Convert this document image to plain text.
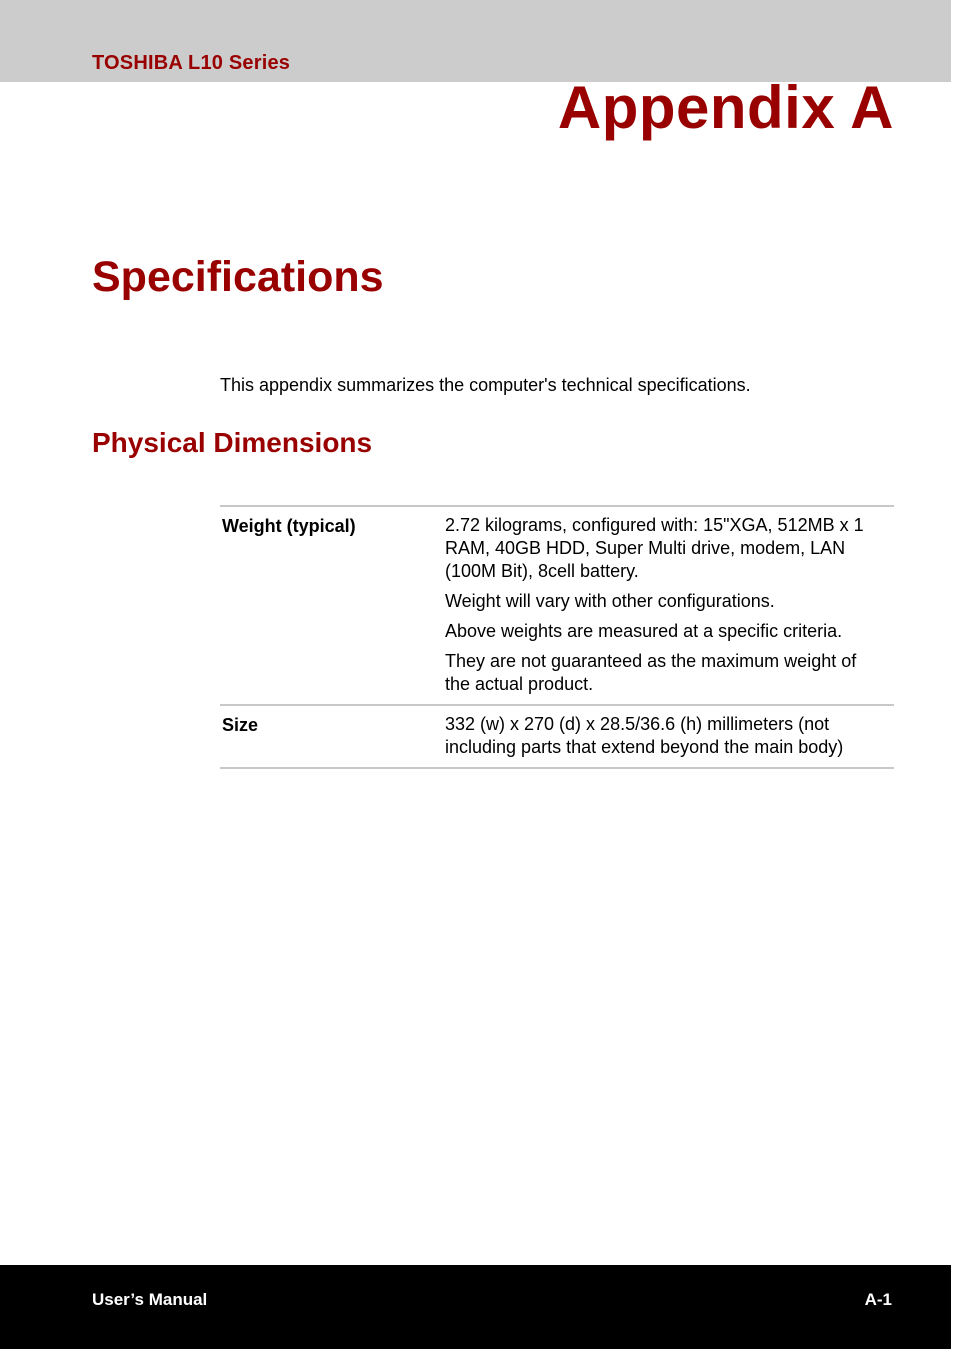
TOSHIBA L10 Series
Appendix A
Specifications
This appendix summarizes the computer's technical specifications.
Physical Dimensions
Weight (typical)	2.72 kilograms, configured with: 15"XGA, 512MB x 1 RAM, 40GB HDD, Super Multi drive, modem, LAN (100M Bit), 8cell battery.

Weight will vary with other configurations.

Above weights are measured at a specific criteria.

They are not guaranteed as the maximum weight of the actual product.

Size	332 (w) x 270 (d) x 28.5/36.6 (h) millimeters (not including parts that extend beyond the main body)

User’s Manual	A-1
